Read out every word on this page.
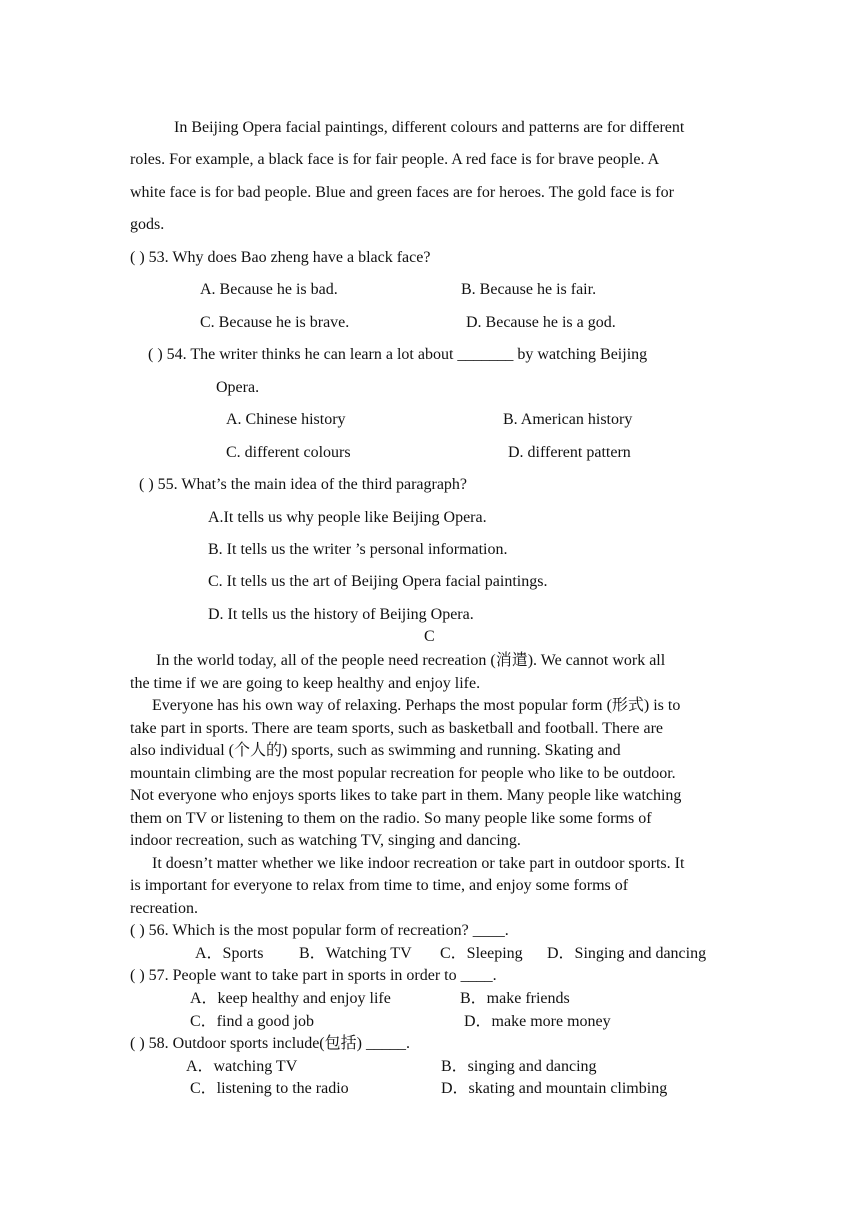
In Beijing Opera facial paintings, different colours and patterns are for different
roles. For example, a black face is for fair people. A red face is for brave people. A
white face is for bad people. Blue and green faces are for heroes. The gold face is for
gods.
( ) 53. Why does Bao zheng have a black face?
A. Because he is bad.	B. Because he is fair.
C. Because he is brave.	D. Because he is a god.
( ) 54. The writer thinks he can learn a lot about _______ by watching Beijing
Opera.
A. Chinese history	B. American history
C. different colours	D. different pattern
( ) 55. What’s the main idea of the third paragraph?
A.It tells us why people like Beijing Opera.
B. It tells us the writer ’s personal information.
C. It tells us the art of Beijing Opera facial paintings.
D. It tells us the history of Beijing Opera.
C
In the world today, all of the people need recreation (消遣). We cannot work all
the time if we are going to keep healthy and enjoy life.
Everyone has his own way of relaxing. Perhaps the most popular form (形式) is to
take part in sports. There are team sports, such as basketball and football. There are
also individual (个人的) sports, such as swimming and running. Skating and
mountain climbing are the most popular recreation for people who like to be outdoor.
Not everyone who enjoys sports likes to take part in them. Many people like watching
them on TV or listening to them on the radio. So many people like some forms of
indoor recreation, such as watching TV, singing and dancing.
It doesn’t matter whether we like indoor recreation or take part in outdoor sports. It
is important for everyone to relax from time to time, and enjoy some forms of
recreation.
( ) 56. Which is the most popular form of recreation? ____.
A．Sports B．Watching TV C．Sleeping D．Singing and dancing
( ) 57. People want to take part in sports in order to ____.
A．keep healthy and enjoy life	B．make friends
C．find a good job	D．make more money
( ) 58. Outdoor sports include(包括) _____.
A．watching TV	B．singing and dancing
C．listening to the radio	D．skating and mountain climbing
